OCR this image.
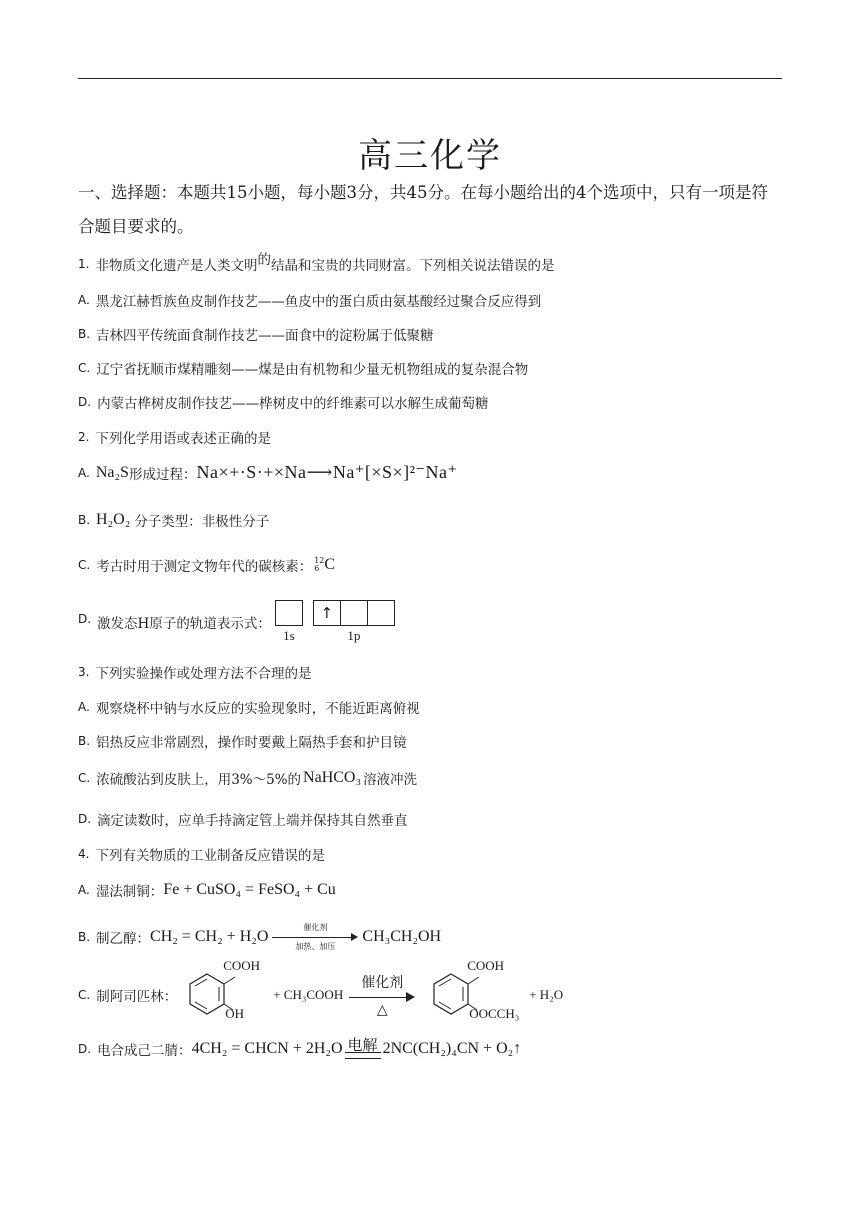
高三化学
一、选择题：本题共15小题，每小题3分，共45分。在每小题给出的4个选项中，只有一项是符合题目要求的。
1. 非物质文化遗产是人类文明 的 结晶和宝贵的共同财富。下列相关说法错误的是
A. 黑龙江赫哲族鱼皮制作技艺——鱼皮中的蛋白质由氨基酸经过聚合反应得到
B. 吉林四平传统面食制作技艺——面食中的淀粉属于低聚糖
C. 辽宁省抚顺市煤精雕刻——煤是由有机物和少量无机物组成的复杂混合物
D. 内蒙古桦树皮制作技艺——桦树皮中的纤维素可以水解生成葡萄糖
2. 下列化学用语或表述正确的是
A. Na₂S 形成过程： Na×+·S·+×Na⟶Na⁺[×S×]²⁻Na⁺
B. H₂O₂ 分子类型：非极性分子
C. 考古时用于测定文物年代的碳核素： 12
6 C
D. 激发态H原子的轨道表示式：
1s
↑
1p
3. 下列实验操作或处理方法不合理的是
A. 观察烧杯中钠与水反应的实验现象时，不能近距离俯视
B. 铝热反应非常剧烈，操作时要戴上隔热手套和护目镜
C. 浓硫酸沾到皮肤上，用3%～5%的 NaHCO₃ 溶液冲洗
D. 滴定读数时，应单手持滴定管上端并保持其自然垂直
4. 下列有关物质的工业制备反应错误的是
A. 湿法制铜： Fe + CuSO₄ = FeSO₄ + Cu
B. 制乙醇： CH₂ = CH₂ + H₂O
催化剂
加热、加压
CH₃CH₂OH
C. 制阿司匹林：
COOH
OH
+ CH₃COOH
催化剂
△
COOH
OOCCH₃
+ H₂O
D. 电合成己二腈： 4CH₂ = CHCN + 2H₂O 电解 2NC(CH₂)₄CN + O₂↑
